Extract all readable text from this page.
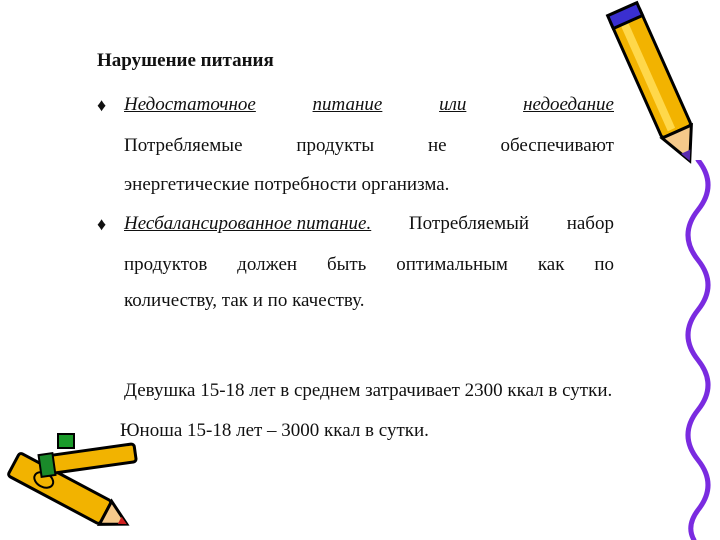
Нарушение питания
♦ Недостаточное	питание	или	недоедание
Потребляемые	продукты	не	обеспечивают
энергетические потребности организма.
♦ Несбалансированное питание. Потребляемый набор
продуктов должен быть оптимальным как по
количеству, так и по качеству.
Девушка 15-18 лет в среднем затрачивает 2300 ккал в сутки.
Юноша 15-18 лет – 3000 ккал в сутки.
